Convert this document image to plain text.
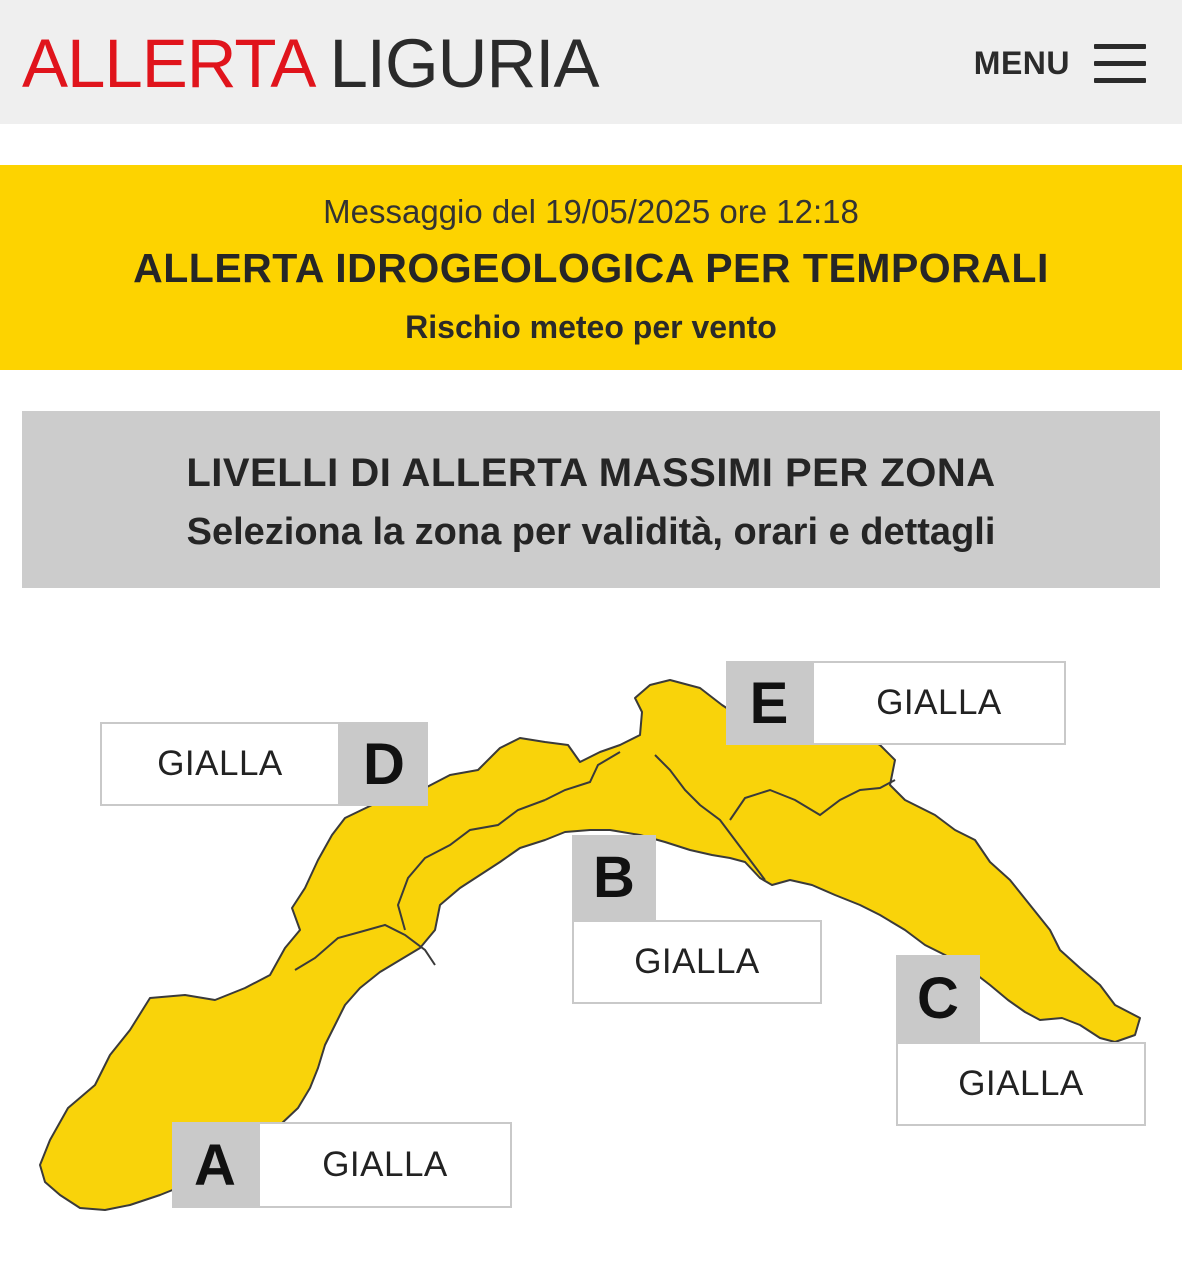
ALLERTA LIGURIA	MENU
Messaggio del 19/05/2025 ore 12:18
ALLERTA IDROGEOLOGICA PER TEMPORALI
Rischio meteo per vento
LIVELLI DI ALLERTA MASSIMI PER ZONA
Seleziona la zona per validità, orari e dettagli
GIALLA	D
E	GIALLA
B
GIALLA
C
GIALLA
A	GIALLA
